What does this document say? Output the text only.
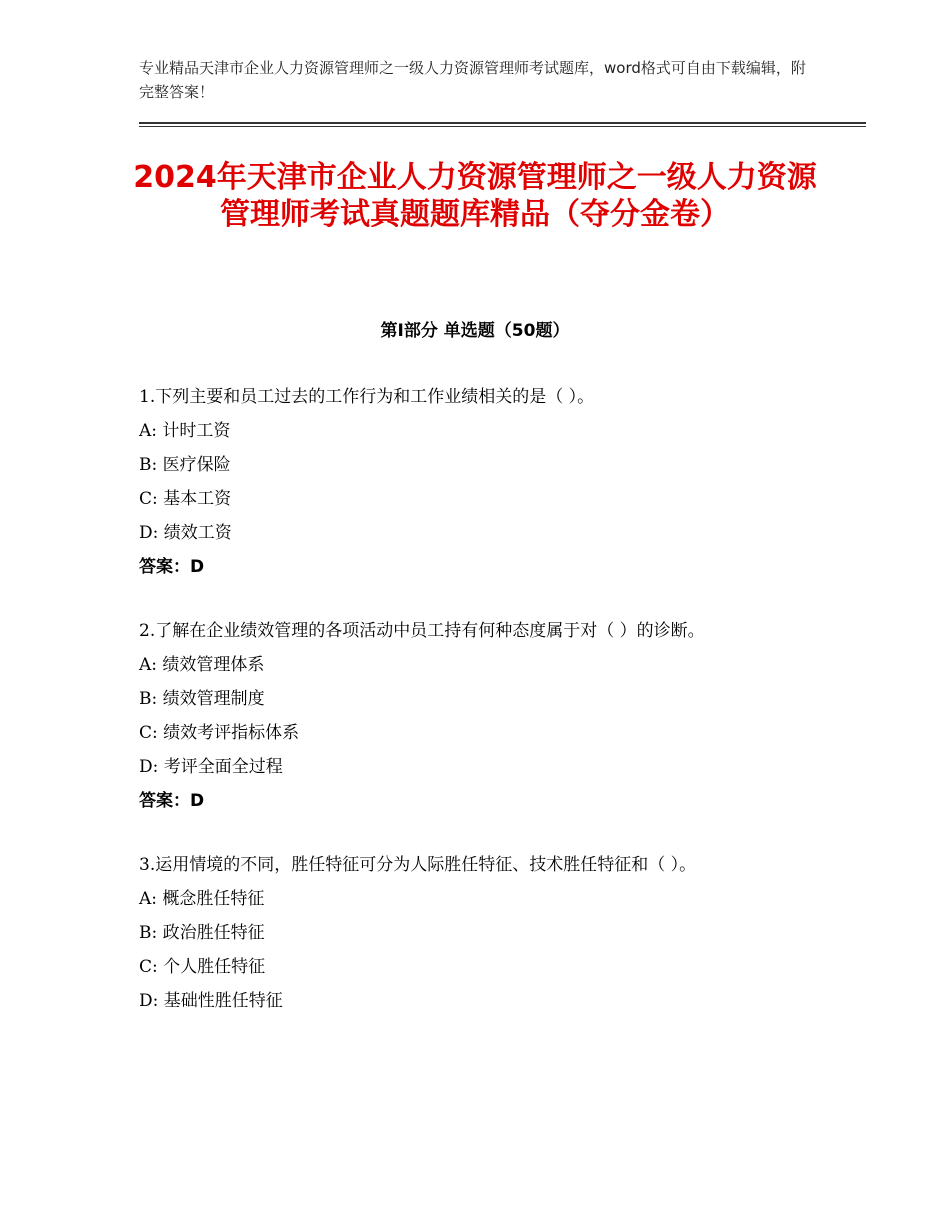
专业精品天津市企业人力资源管理师之一级人力资源管理师考试题库，word格式可自由下载编辑，附完整答案！
2024年天津市企业人力资源管理师之一级人力资源管理师考试真题题库精品（夺分金卷）
第Ⅰ部分 单选题（50题）
1.下列主要和员工过去的工作行为和工作业绩相关的是（ ）。
A: 计时工资
B: 医疗保险
C: 基本工资
D: 绩效工资
答案：D
2.了解在企业绩效管理的各项活动中员工持有何种态度属于对（ ）的诊断。
A: 绩效管理体系
B: 绩效管理制度
C: 绩效考评指标体系
D: 考评全面全过程
答案：D
3.运用情境的不同，胜任特征可分为人际胜任特征、技术胜任特征和（ ）。
A: 概念胜任特征
B: 政治胜任特征
C: 个人胜任特征
D: 基础性胜任特征
